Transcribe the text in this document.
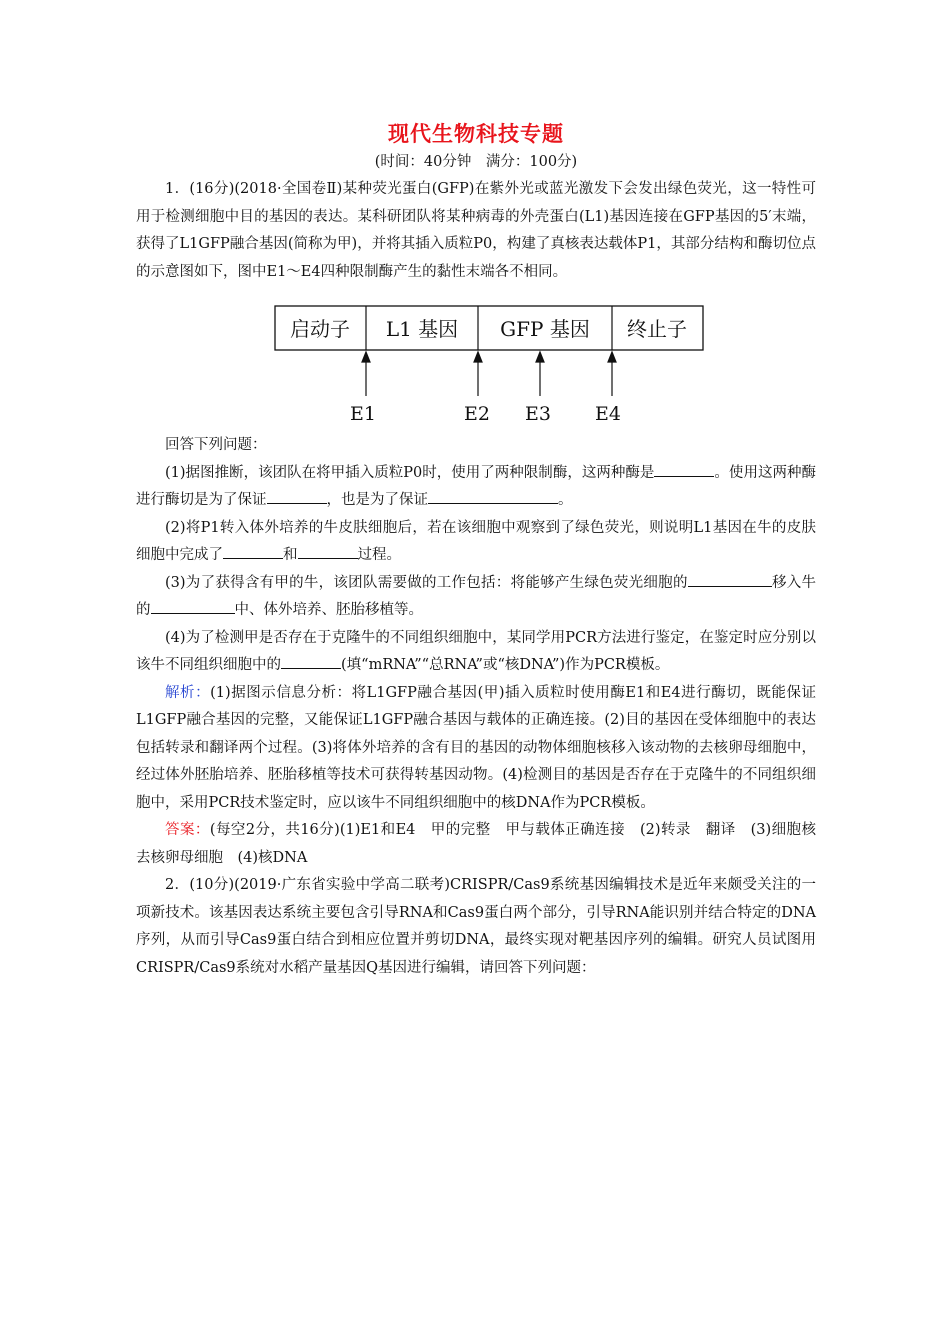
现代生物科技专题

(时间：40分钟　满分：100分)

1．(16分)(2018·全国卷Ⅱ)某种荧光蛋白(GFP)在紫外光或蓝光激发下会发出绿色荧光，这一特性可用于检测细胞中目的基因的表达。某科研团队将某种病毒的外壳蛋白(L1)基因连接在GFP基因的5′末端，获得了L1GFP融合基因(简称为甲)，并将其插入质粒P0，构建了真核表达载体P1，其部分结构和酶切位点的示意图如下，图中E1～E4四种限制酶产生的黏性末端各不相同。

启动子 L1 基因 GFP 基因 终止子
E1	E2 E3 E4

回答下列问题：

(1)据图推断，该团队在将甲插入质粒P0时，使用了两种限制酶，这两种酶是	。使用这两种酶进行酶切是为了保证	，也是为了保证	。

(2)将P1转入体外培养的牛皮肤细胞后，若在该细胞中观察到了绿色荧光，则说明L1基因在牛的皮肤细胞中完成了	和	过程。

(3)为了获得含有甲的牛，该团队需要做的工作包括：将能够产生绿色荧光细胞的	移入牛的	中、体外培养、胚胎移植等。

(4)为了检测甲是否存在于克隆牛的不同组织细胞中，某同学用PCR方法进行鉴定，在鉴定时应分别以该牛不同组织细胞中的	(填“mRNA”“总RNA”或“核DNA”)作为PCR模板。

解析：(1)据图示信息分析：将L1GFP融合基因(甲)插入质粒时使用酶E1和E4进行酶切，既能保证L1GFP融合基因的完整，又能保证L1GFP融合基因与载体的正确连接。(2)目的基因在受体细胞中的表达包括转录和翻译两个过程。(3)将体外培养的含有目的基因的动物体细胞核移入该动物的去核卵母细胞中，经过体外胚胎培养、胚胎移植等技术可获得转基因动物。(4)检测目的基因是否存在于克隆牛的不同组织细胞中，采用PCR技术鉴定时，应以该牛不同组织细胞中的核DNA作为PCR模板。

答案：(每空2分，共16分)(1)E1和E4　甲的完整　甲与载体正确连接　(2)转录　翻译　(3)细胞核　去核卵母细胞　(4)核DNA

2．(10分)(2019·广东省实验中学高二联考)CRISPR/Cas9系统基因编辑技术是近年来颇受关注的一项新技术。该基因表达系统主要包含引导RNA和Cas9蛋白两个部分，引导RNA能识别并结合特定的DNA序列，从而引导Cas9蛋白结合到相应位置并剪切DNA，最终实现对靶基因序列的编辑。研究人员试图用CRISPR/Cas9系统对水稻产量基因Q基因进行编辑，请回答下列问题：
